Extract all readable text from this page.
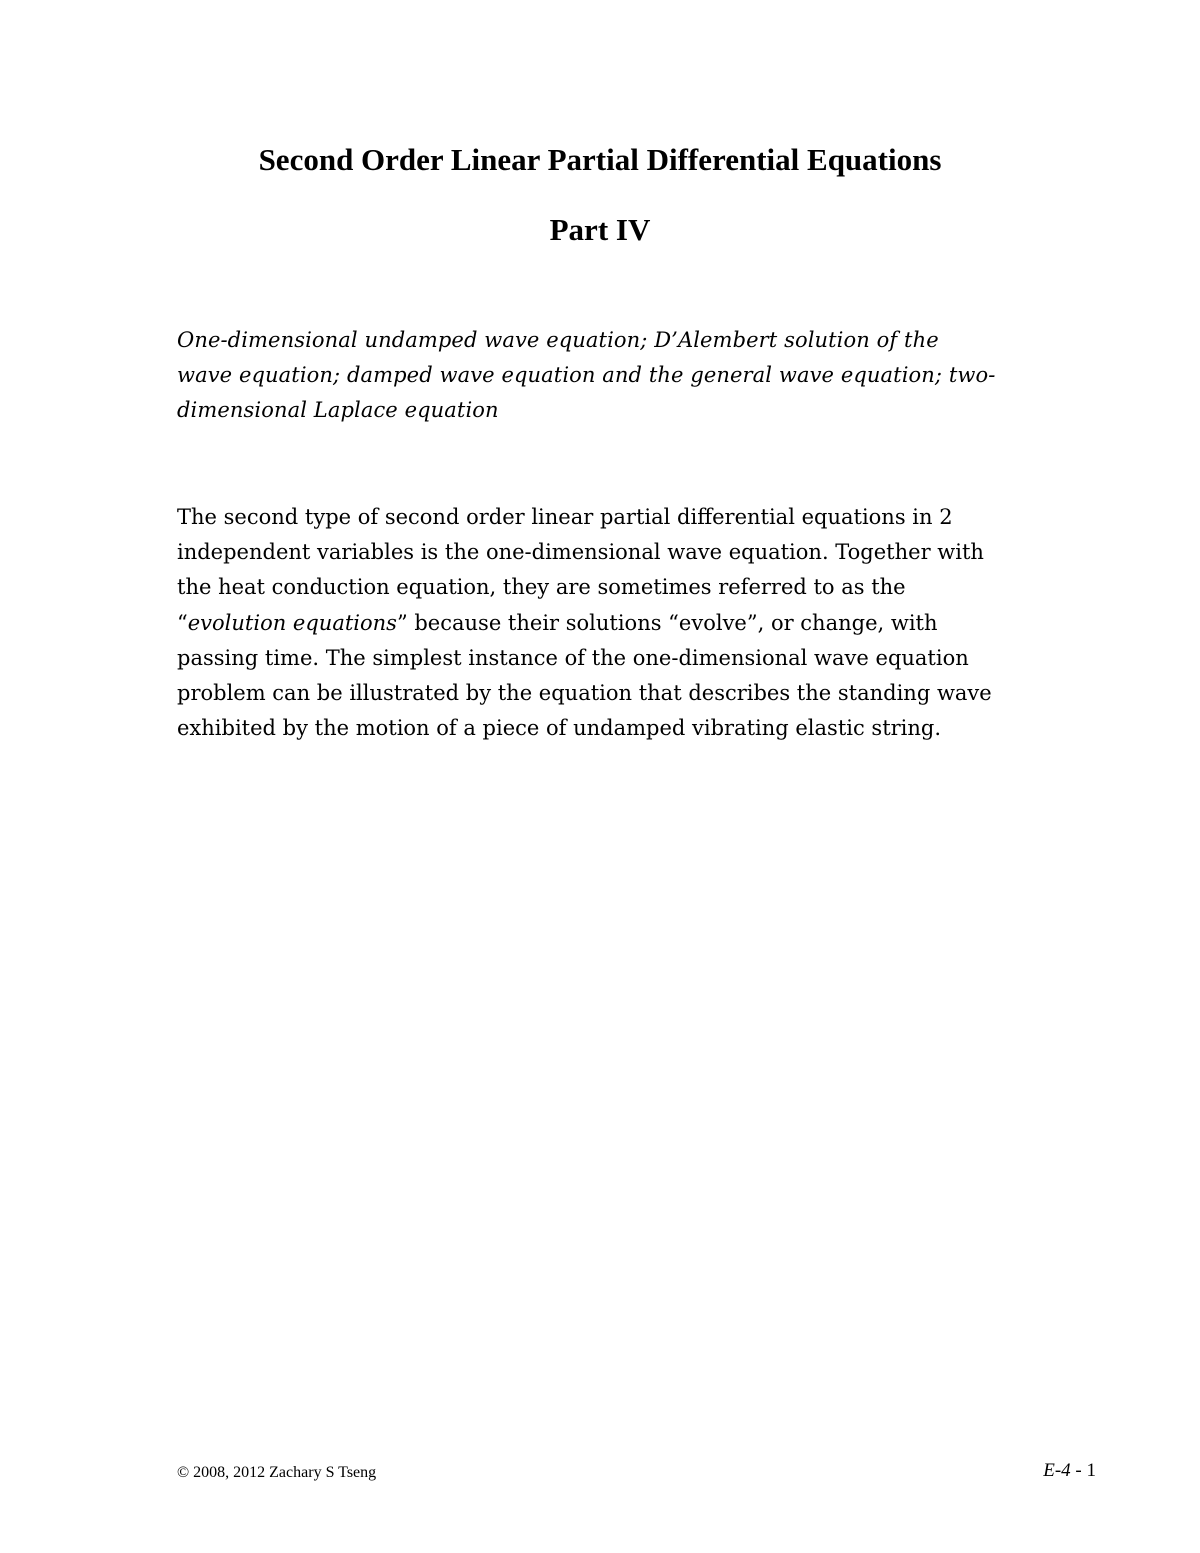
Second Order Linear Partial Differential Equations
Part IV

One-dimensional undamped wave equation; D’Alembert solution of the
wave equation; damped wave equation and the general wave equation; two-
dimensional Laplace equation

The second type of second order linear partial differential equations in 2
independent variables is the one-dimensional wave equation. Together with
the heat conduction equation, they are sometimes referred to as the
“evolution equations” because their solutions “evolve”, or change, with
passing time. The simplest instance of the one-dimensional wave equation
problem can be illustrated by the equation that describes the standing wave
exhibited by the motion of a piece of undamped vibrating elastic string.

© 2008, 2012 Zachary S Tseng	E-4 - 1
